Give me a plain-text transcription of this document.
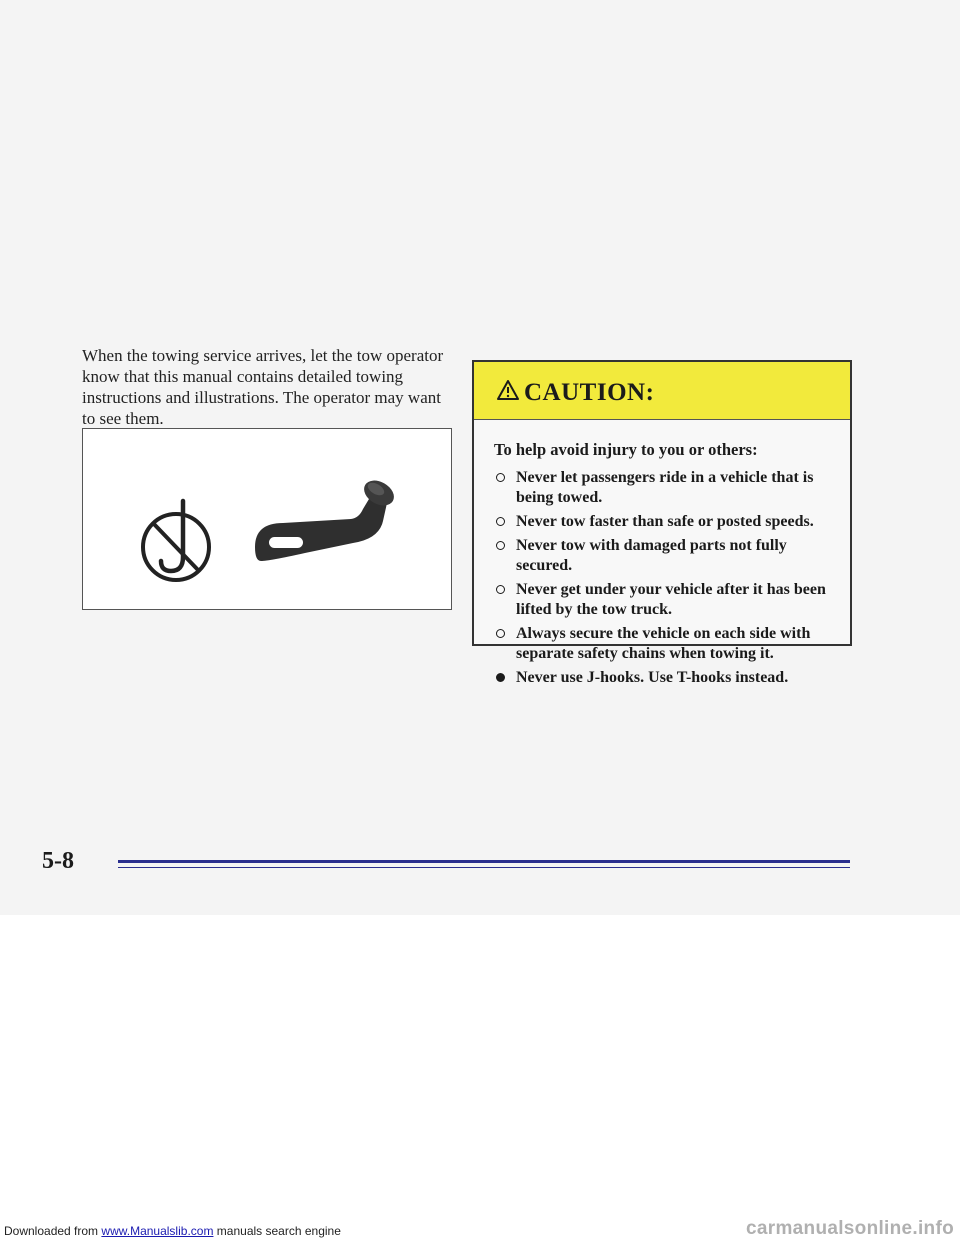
When the towing service arrives, let the tow operator know that this manual contains detailed towing instructions and illustrations. The operator may want to see them.
CAUTION:
To help avoid injury to you or others:
Never let passengers ride in a vehicle that is being towed.
Never tow faster than safe or posted speeds.
Never tow with damaged parts not fully secured.
Never get under your vehicle after it has been lifted by the tow truck.
Always secure the vehicle on each side with separate safety chains when towing it.
Never use J-hooks. Use T-hooks instead.
5-8
Downloaded from www.Manualslib.com manuals search engine	carmanualsonline.info
